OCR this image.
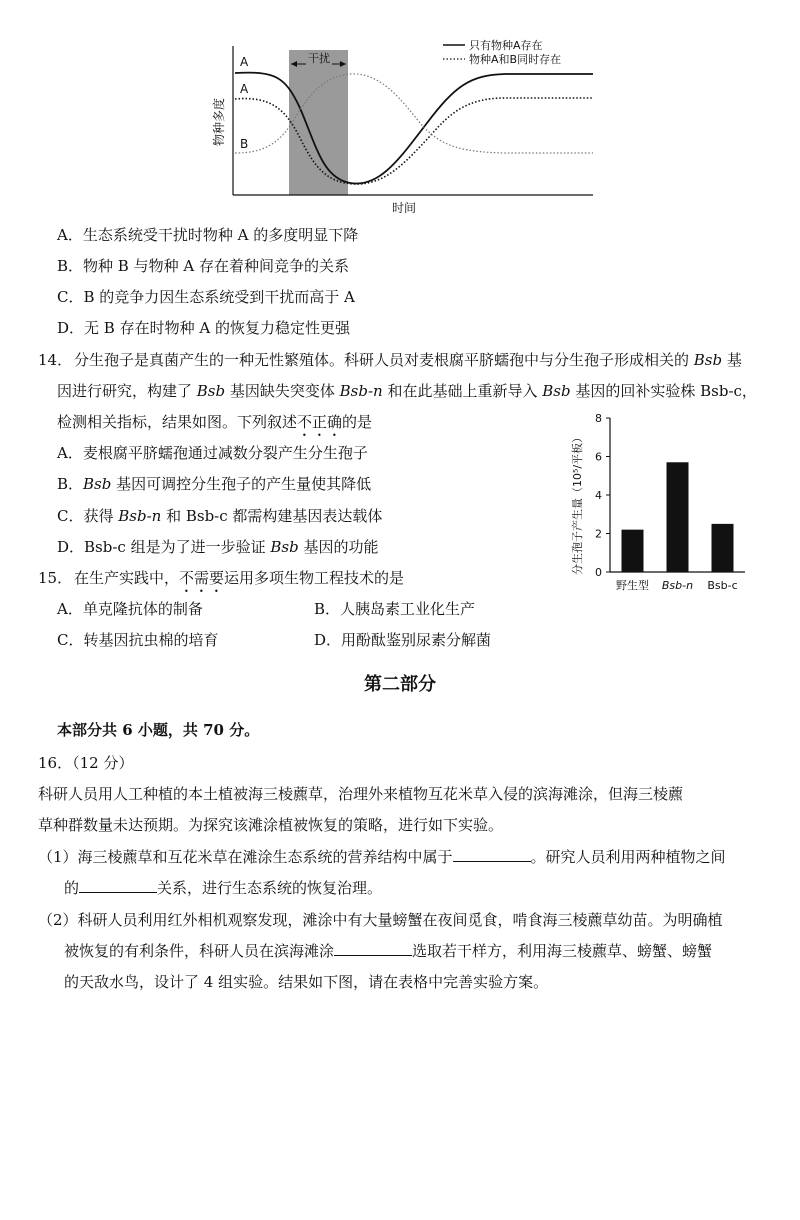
干扰
A
A
B
物种多度
时间
只有物种A存在
物种A和B同时存在
A．生态系统受干扰时物种 A 的多度明显下降
B．物种 B 与物种 A 存在着种间竞争的关系
C．B 的竞争力因生态系统受到干扰而高于 A
D．无 B 存在时物种 A 的恢复力稳定性更强
14． 分生孢子是真菌产生的一种无性繁殖体。科研人员对麦根腐平脐蠕孢中与分生孢子形成相关的 Bsb 基
因进行研究，构建了 Bsb 基因缺失突变体 Bsb-n 和在此基础上重新导入 Bsb 基因的回补实验株 Bsb-c，
检测相关指标，结果如图。下列叙述不正确的是
A．麦根腐平脐蠕孢通过减数分裂产生分生孢子
B．Bsb 基因可调控分生孢子的产生量使其降低
C．获得 Bsb-n 和 Bsb-c 都需构建基因表达载体
D．Bsb-c 组是为了进一步验证 Bsb 基因的功能
0
2
4
6
8
野生型 Bsb-n Bsb-c
分生孢子产生量（10⁵/平板）
15． 在生产实践中，不需要运用多项生物工程技术的是
A．单克隆抗体的制备	B．人胰岛素工业化生产
C．转基因抗虫棉的培育	D．用酚酞鉴别尿素分解菌
第二部分
本部分共 6 小题，共 70 分。
16．（12 分）
科研人员用人工种植的本土植被海三棱藨草，治理外来植物互花米草入侵的滨海滩涂，但海三棱藨
草种群数量未达预期。为探究该滩涂植被恢复的策略，进行如下实验。
（1）海三棱藨草和互花米草在滩涂生态系统的营养结构中属于	。研究人员利用两种植物之间
的	关系，进行生态系统的恢复治理。
（2）科研人员利用红外相机观察发现，滩涂中有大量螃蟹在夜间觅食，啃食海三棱藨草幼苗。为明确植
被恢复的有利条件，科研人员在滨海滩涂	选取若干样方，利用海三棱藨草、螃蟹、螃蟹
的天敌水鸟，设计了 4 组实验。结果如下图，请在表格中完善实验方案。
